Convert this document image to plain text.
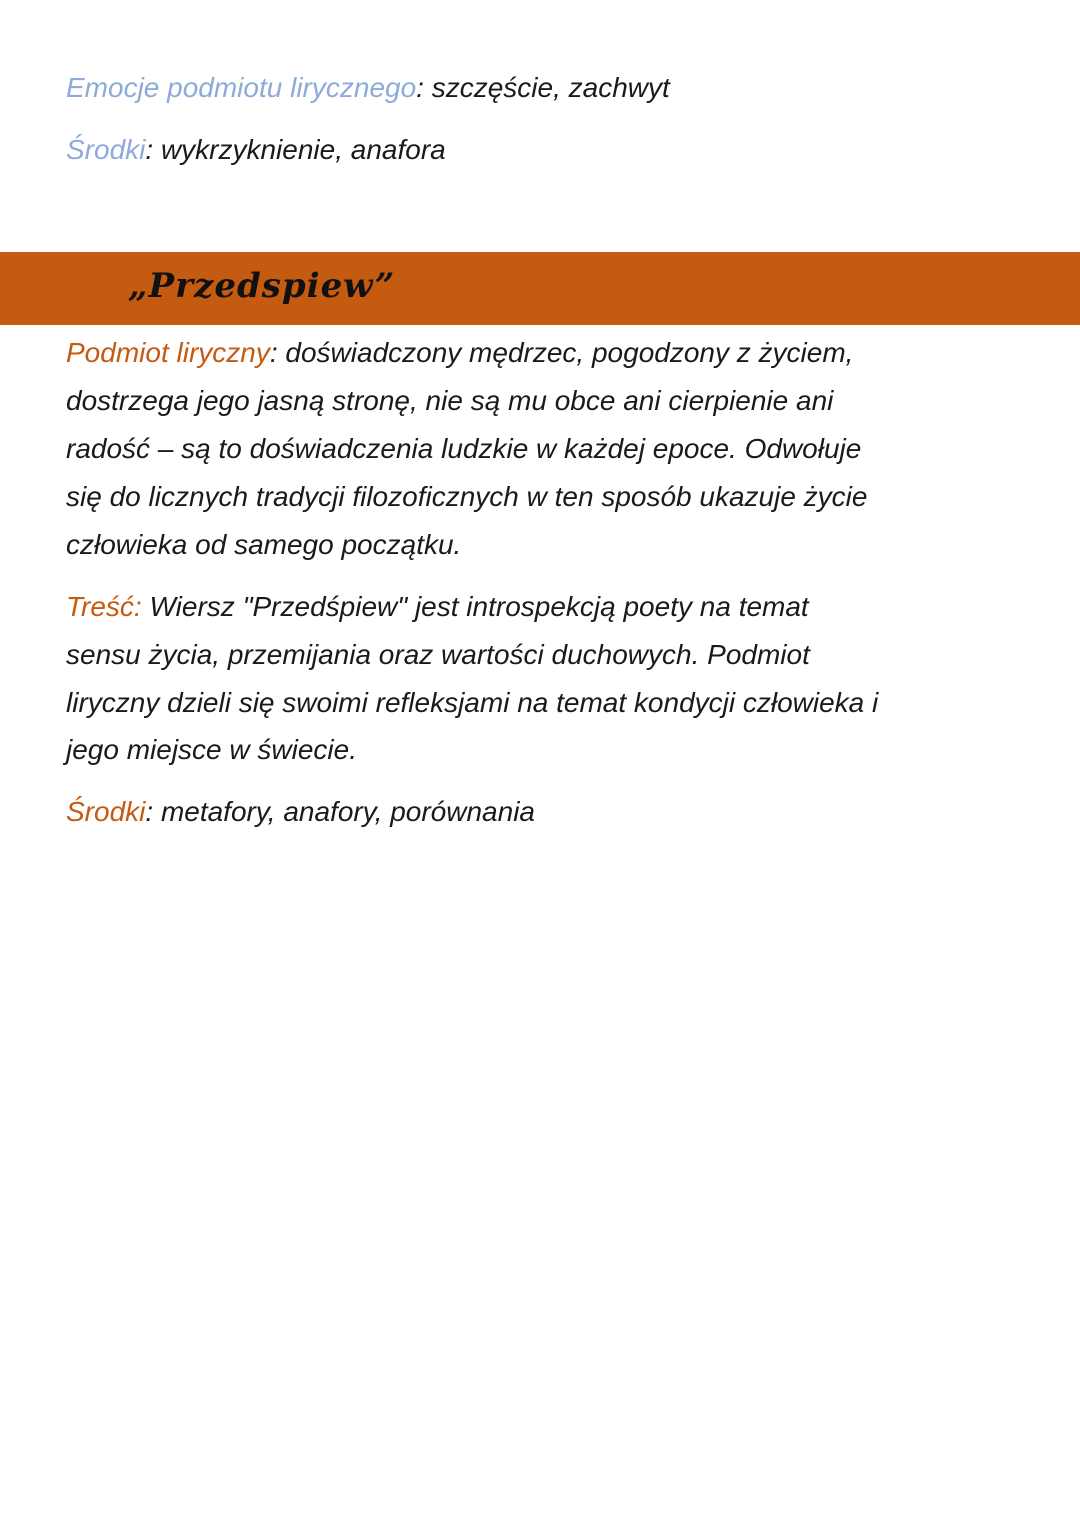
Emocje podmiotu lirycznego: szczęście, zachwyt
Środki: wykrzyknienie, anafora
„Przedspiew”
Podmiot liryczny: doświadczony mędrzec, pogodzony z życiem,
dostrzega jego jasną stronę, nie są mu obce ani cierpienie ani
radość – są to doświadczenia ludzkie w każdej epoce. Odwołuje
się do licznych tradycji filozoficznych w ten sposób ukazuje życie
człowieka od samego początku.
Treść: Wiersz "Przedśpiew" jest introspekcją poety na temat
sensu życia, przemijania oraz wartości duchowych. Podmiot
liryczny dzieli się swoimi refleksjami na temat kondycji człowieka i
jego miejsce w świecie.
Środki: metafory, anafory, porównania
